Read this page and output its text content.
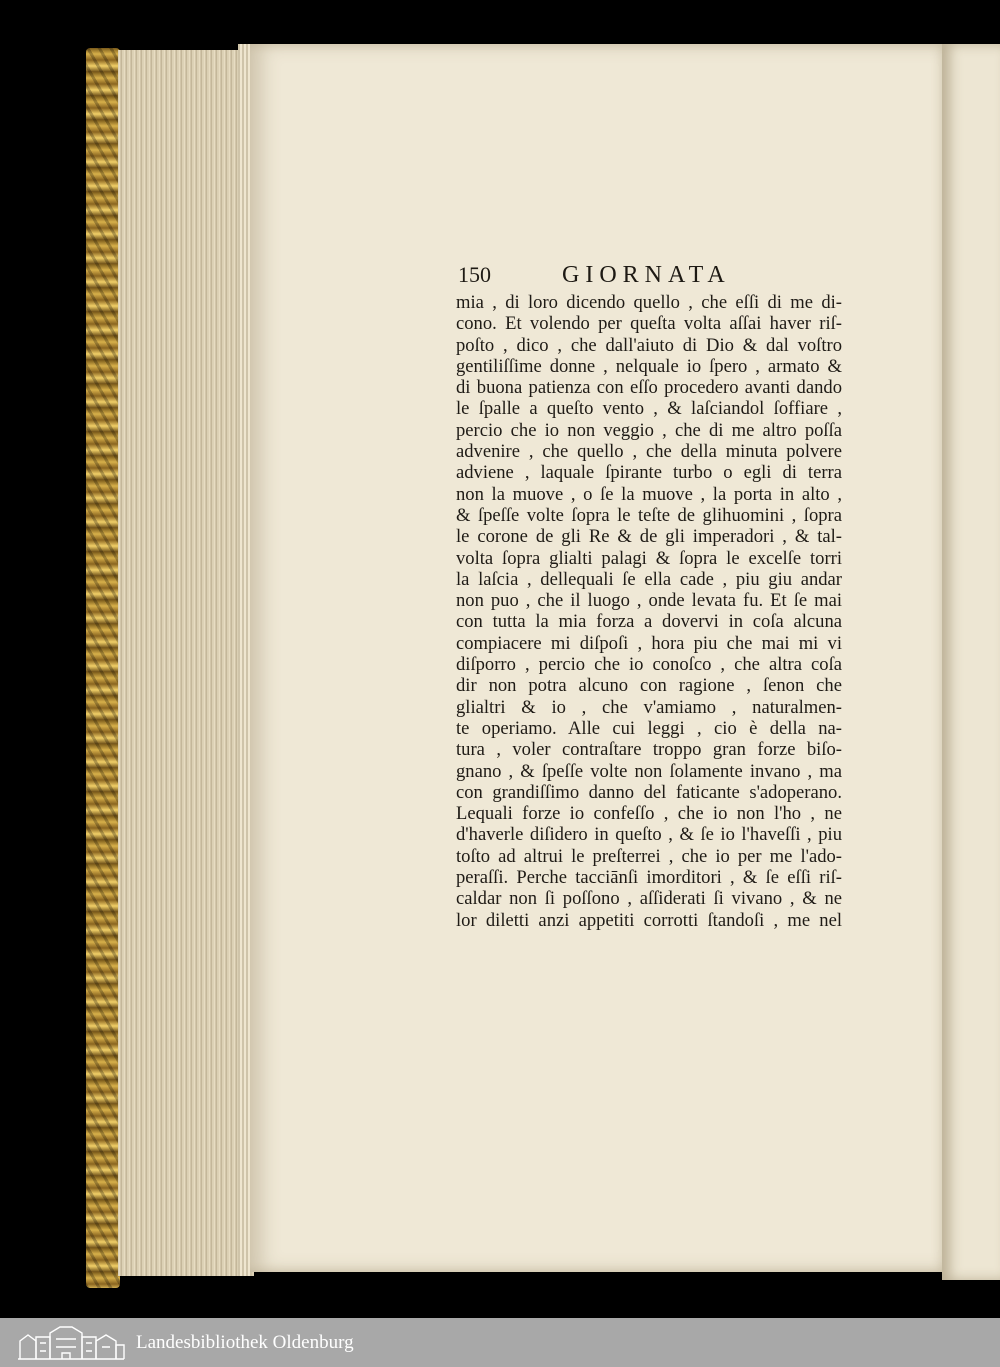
150	GIORNATA
mia , di loro dicendo quello , che eſſi di me di-
cono. Et volendo per queſta volta aſſai haver riſ-
poſto , dico , che dall'aiuto di Dio & dal voſtro
gentiliſſime donne , nelquale io ſpero , armato &
di buona patienza con eſſo procedero avanti dando
le ſpalle a queſto vento , & laſciandol ſoffiare ,
percio che io non veggio , che di me altro poſſa
advenire , che quello , che della minuta polvere
adviene , laquale ſpirante turbo o egli di terra
non la muove , o ſe la muove , la porta in alto ,
& ſpeſſe volte ſopra le teſte de glihuomini , ſopra
le corone de gli Re & de gli imperadori , & tal-
volta ſopra glialti palagi & ſopra le excelſe torri
la laſcia , dellequali ſe ella cade , piu giu andar
non puo , che il luogo , onde levata fu. Et ſe mai
con tutta la mia forza a dovervi in coſa alcuna
compiacere mi diſpoſi , hora piu che mai mi vi
diſporro , percio che io conoſco , che altra coſa
dir non potra alcuno con ragione , ſenon che
glialtri & io , che v'amiamo , naturalmen-
te operiamo. Alle cui leggi , cio è della na-
tura , voler contraſtare troppo gran forze biſo-
gnano , & ſpeſſe volte non ſolamente invano , ma
con grandiſſimo danno del faticante s'adoperano.
Lequali forze io confeſſo , che io non l'ho , ne
d'haverle diſidero in queſto , & ſe io l'haveſſi , piu
toſto ad altrui le preſterrei , che io per me l'ado-
peraſſi. Perche tacciānſi imorditori , & ſe eſſi riſ-
caldar non ſi poſſono , aſſiderati ſi vivano , & ne
lor diletti anzi appetiti corrotti ſtandoſi , me nel
Landesbibliothek Oldenburg
